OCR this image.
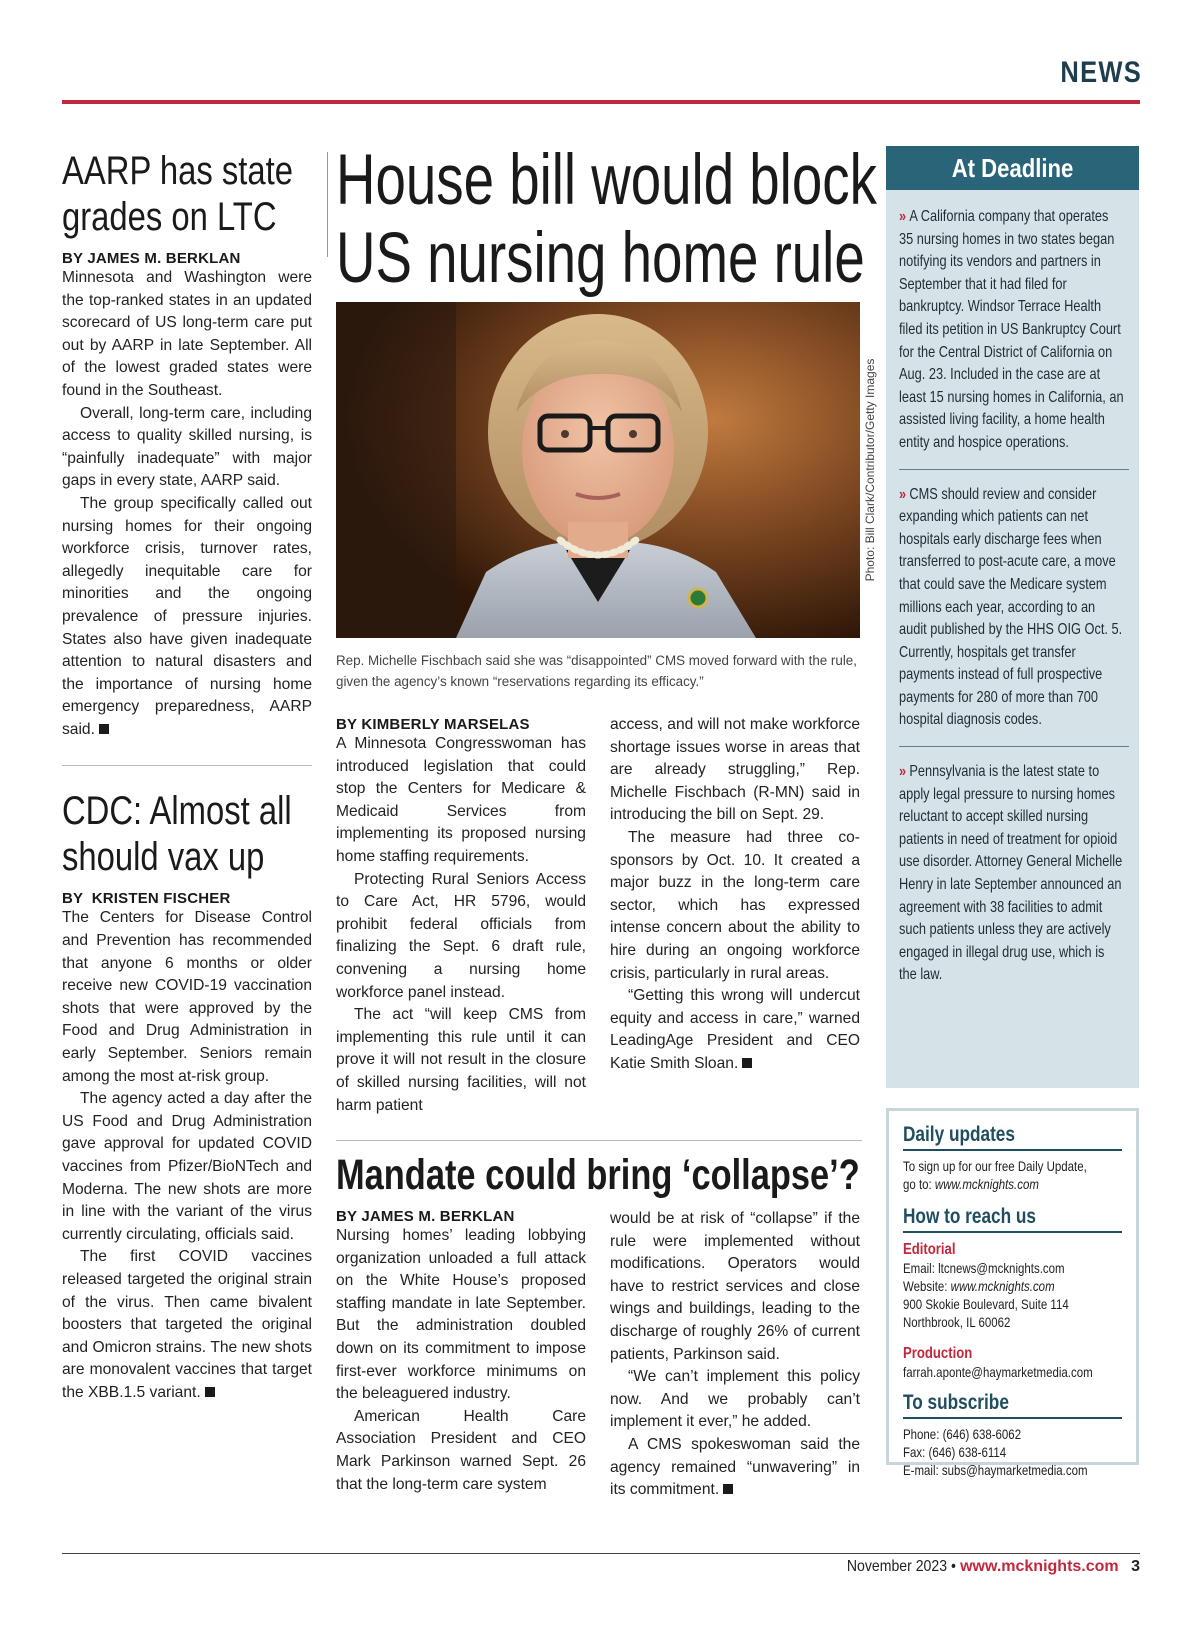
NEWS
AARP has state
grades on LTC
BY JAMES M. BERKLAN

Minnesota and Washington were the top-ranked states in an updated scorecard of US long-term care put out by AARP in late September. All of the lowest graded states were found in the Southeast.

Overall, long-term care, including access to quality skilled nursing, is “painfully inadequate” with major gaps in every state, AARP said.

The group specifically called out nursing homes for their ongoing workforce crisis, turnover rates, allegedly inequitable care for minorities and the ongoing prevalence of pressure injuries. States also have given inadequate attention to natural disasters and the importance of nursing home emergency preparedness, AARP said.

CDC: Almost all
should vax up
BY  KRISTEN FISCHER

The Centers for Disease Control and Prevention has recommended that anyone 6 months or older receive new COVID-19 vaccination shots that were approved by the Food and Drug Administration in early September. Seniors remain among the most at-risk group.

The agency acted a day after the US Food and Drug Administration gave approval for updated COVID vaccines from Pfizer/BioNTech and Moderna. The new shots are more in line with the variant of the virus currently circulating, officials said.

The first COVID vaccines released targeted the original strain of the virus. Then came bivalent boosters that targeted the original and Omicron strains. The new shots are monovalent vaccines that target the XBB.1.5 variant.

House bill would block
US nursing home rule
Photo: Bill Clark/Contributor/Getty Images
Rep. Michelle Fischbach said she was “disappointed” CMS moved forward with the rule, given the agency’s known “reservations regarding its efficacy.”
BY KIMBERLY MARSELAS

A Minnesota Congresswoman has introduced legislation that could stop the Centers for Medicare & Medicaid Services from implementing its proposed nursing home staffing requirements.

Protecting Rural Seniors Access to Care Act, HR 5796, would prohibit federal officials from finalizing the Sept. 6 draft rule, convening a nursing home workforce panel instead.

The act “will keep CMS from implementing this rule until it can prove it will not result in the closure of skilled nursing facilities, will not harm patient

access, and will not make workforce shortage issues worse in areas that are already struggling,” Rep. Michelle Fischbach (R-MN) said in introducing the bill on Sept. 29.

The measure had three co-sponsors by Oct. 10. It created a major buzz in the long-term care sector, which has expressed intense concern about the ability to hire during an ongoing workforce crisis, particularly in rural areas.

“Getting this wrong will undercut equity and access in care,” warned LeadingAge President and CEO Katie Smith Sloan.

Mandate could bring ‘collapse’?
BY JAMES M. BERKLAN

Nursing homes’ leading lobbying organization unloaded a full attack on the White House’s proposed staffing mandate in late September. But the administration doubled down on its commitment to impose first-ever workforce minimums on the beleaguered industry.

American Health Care Association President and CEO Mark Parkinson warned Sept. 26 that the long-term care system

would be at risk of “collapse” if the rule were implemented without modifications. Operators would have to restrict services and close wings and buildings, leading to the discharge of roughly 26% of current patients, Parkinson said.

“We can’t implement this policy now. And we probably can’t implement it ever,” he added.

A CMS spokeswoman said the agency remained “unwavering” in its commitment.

At Deadline
» A California company that operates 35 nursing homes in two states began notifying its vendors and partners in September that it had filed for bankruptcy. Windsor Terrace Health filed its petition in US Bankruptcy Court for the Central District of California on Aug. 23. Included in the case are at least 15 nursing homes in California, an assisted living facility, a home health entity and hospice operations.
» CMS should review and consider expanding which patients can net hospitals early discharge fees when transferred to post-acute care, a move that could save the Medicare system millions each year, according to an audit published by the HHS OIG Oct. 5. Currently, hospitals get transfer payments instead of full prospective payments for 280 of more than 700 hospital diagnosis codes.
» Pennsylvania is the latest state to apply legal pressure to nursing homes reluctant to accept skilled nursing patients in need of treatment for opioid use disorder. Attorney General Michelle Henry in late September announced an agreement with 38 facilities to admit such patients unless they are actively engaged in illegal drug use, which is the law.
Daily updates
To sign up for our free Daily Update,
go to: www.mcknights.com
How to reach us
Editorial
Email: ltcnews@mcknights.com
Website: www.mcknights.com
900 Skokie Boulevard, Suite 114
Northbrook, IL 60062
Production
farrah.aponte@haymarketmedia.com
To subscribe
Phone: (646) 638-6062
Fax: (646) 638-6114
E-mail: subs@haymarketmedia.com
November 2023 • www.mcknights.com 3
